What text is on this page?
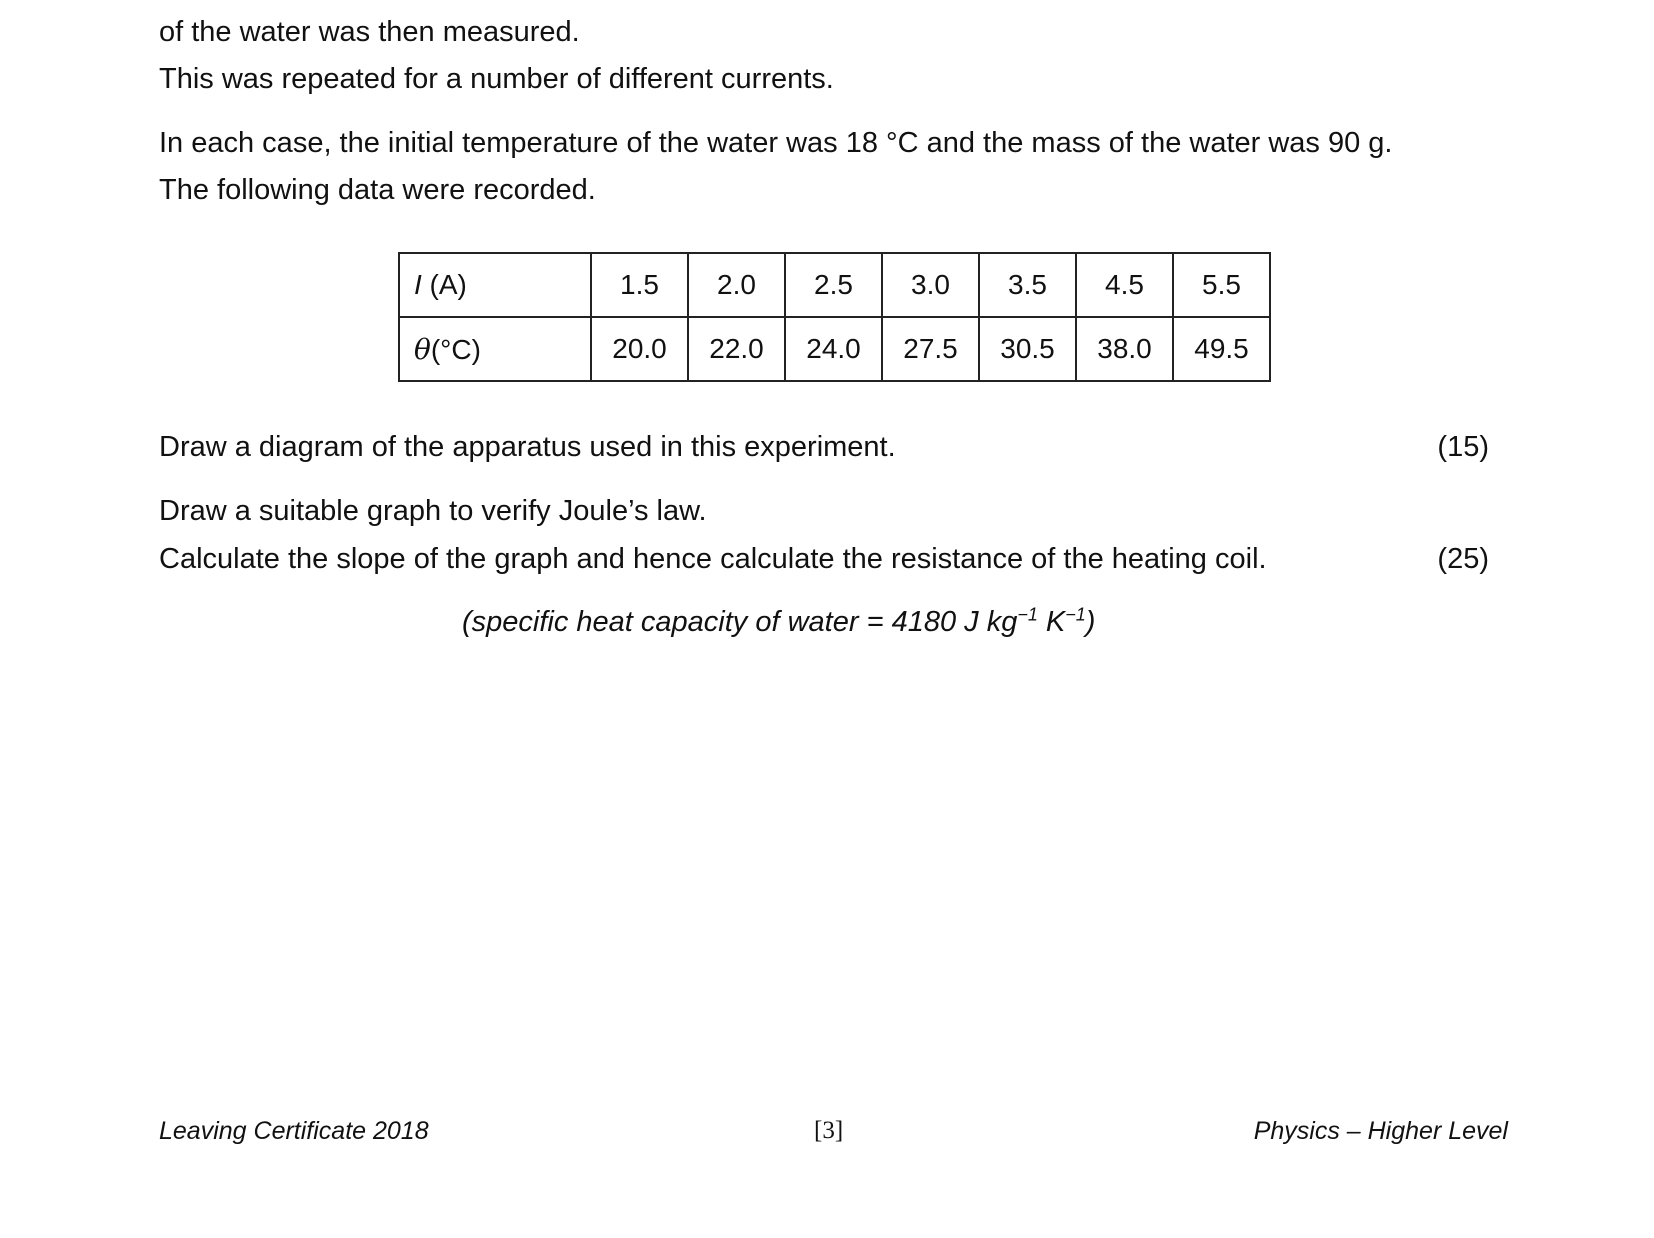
of the water was then measured.
This was repeated for a number of different currents.
In each case, the initial temperature of the water was 18 °C and the mass of the water was 90 g.
The following data were recorded.
I (A)	1.5	2.0	2.5	3.0	3.5	4.5	5.5
θ(°C)	20.0	22.0	24.0	27.5	30.5	38.0	49.5
Draw a diagram of the apparatus used in this experiment.	(15)
Draw a suitable graph to verify Joule’s law.
Calculate the slope of the graph and hence calculate the resistance of the heating coil.	(25)
(specific heat capacity of water = 4180 J $kg^{-1}$ $K^{-1}$)
Leaving Certificate 2018	[3]	Physics – Higher Level
